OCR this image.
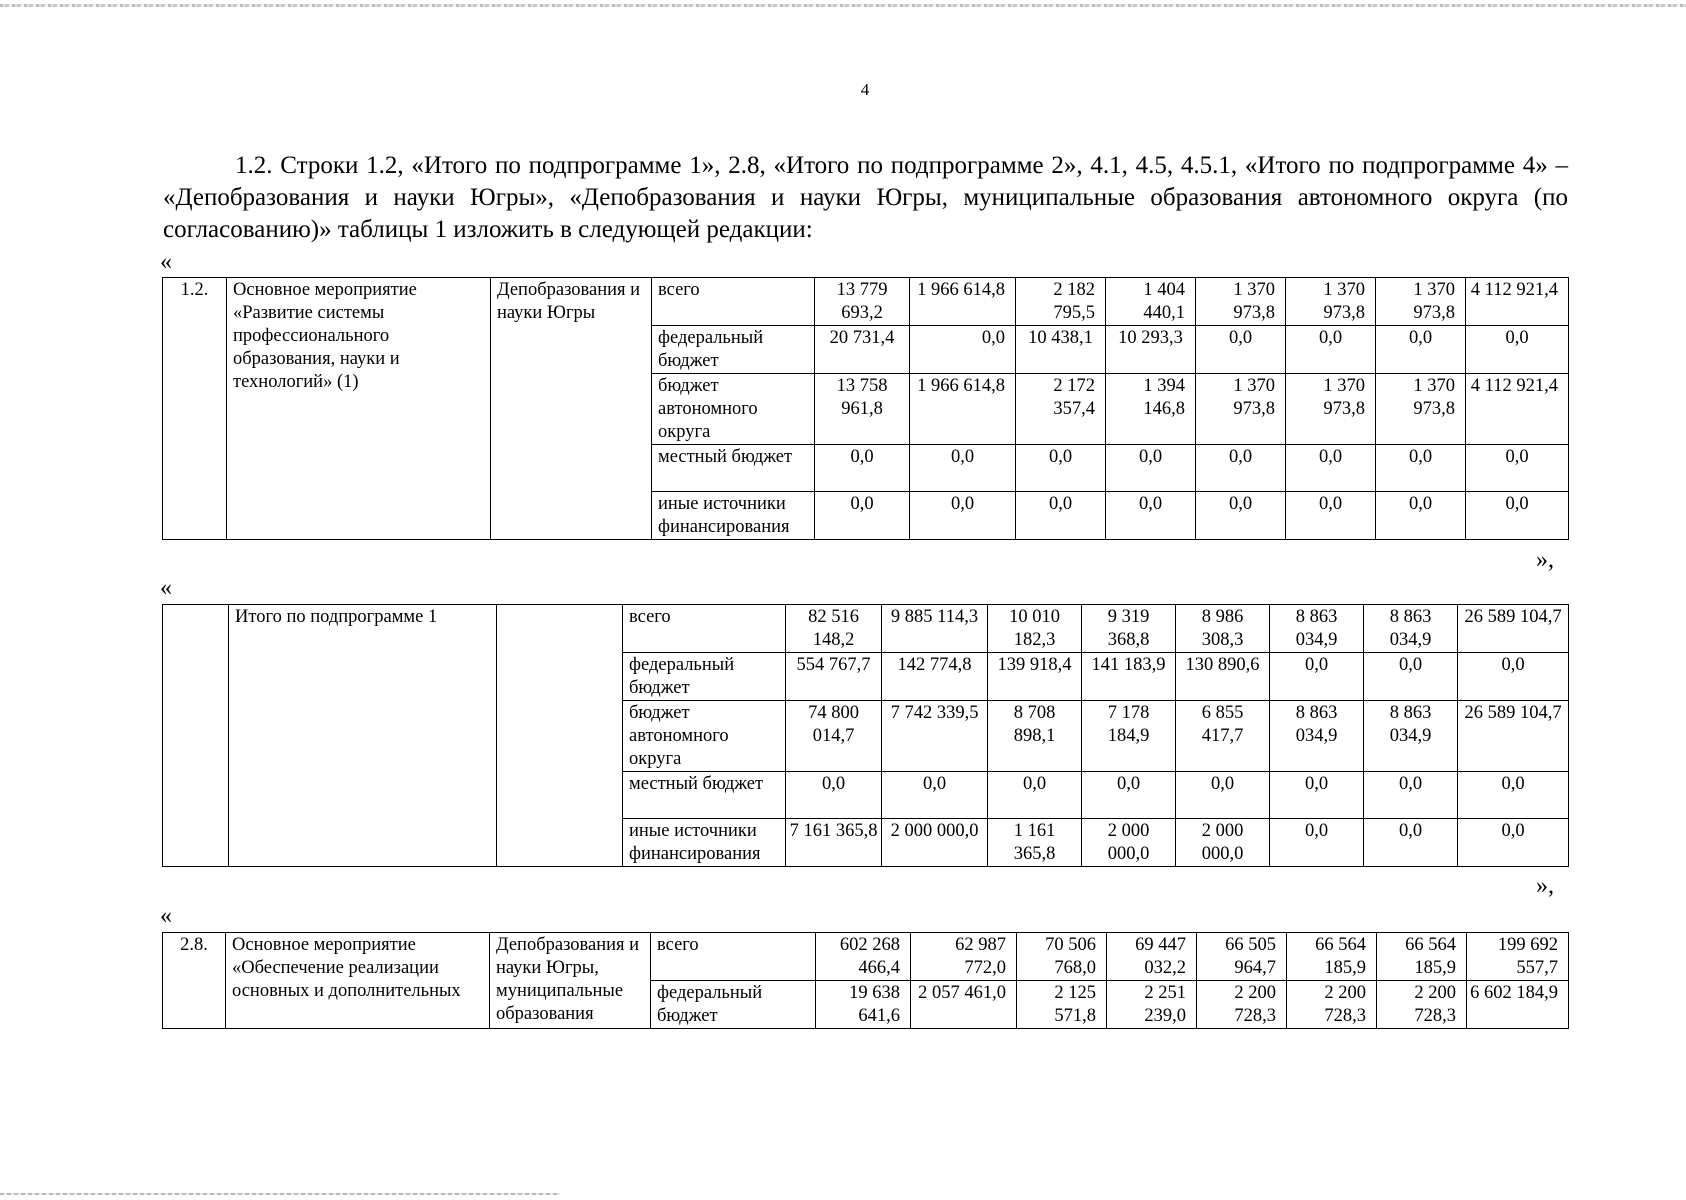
4

1.2. Строки 1.2, «Итого по подпрограмме 1», 2.8, «Итого по подпрограмме 2», 4.1, 4.5, 4.5.1, «Итого по подпрограмме 4» – «Депобразования и науки Югры», «Депобразования и науки Югры, муниципальные образования автономного округа (по согласованию)» таблицы 1 изложить в следующей редакции:

«
1.2.	Основное мероприятие «Развитие системы профессионального образования, науки и технологий» (1)	Депобразования и науки Югры	всего	13 779 693,2	1 966 614,8	2 182 795,5	1 404 440,1	1 370 973,8	1 370 973,8	1 370 973,8	4 112 921,4
			федеральный бюджет	20 731,4	0,0	10 438,1	10 293,3	0,0	0,0	0,0	0,0
			бюджет автономного округа	13 758 961,8	1 966 614,8	2 172 357,4	1 394 146,8	1 370 973,8	1 370 973,8	1 370 973,8	4 112 921,4
			местный бюджет	0,0	0,0	0,0	0,0	0,0	0,0	0,0	0,0
			иные источники финансирования	0,0	0,0	0,0	0,0	0,0	0,0	0,0	0,0
»,
«
	Итого по подпрограмме 1		всего	82 516 148,2	9 885 114,3	10 010 182,3	9 319 368,8	8 986 308,3	8 863 034,9	8 863 034,9	26 589 104,7
			федеральный бюджет	554 767,7	142 774,8	139 918,4	141 183,9	130 890,6	0,0	0,0	0,0
			бюджет автономного округа	74 800 014,7	7 742 339,5	8 708 898,1	7 178 184,9	6 855 417,7	8 863 034,9	8 863 034,9	26 589 104,7
			местный бюджет	0,0	0,0	0,0	0,0	0,0	0,0	0,0	0,0
			иные источники финансирования	7 161 365,8	2 000 000,0	1 161 365,8	2 000 000,0	2 000 000,0	0,0	0,0	0,0
»,
«
2.8.	Основное мероприятие «Обеспечение реализации основных и дополнительных	Депобразования и науки Югры, муниципальные образования	всего	602 268 466,4	62 987 772,0	70 506 768,0	69 447 032,2	66 505 964,7	66 564 185,9	66 564 185,9	199 692 557,7
			федеральный бюджет	19 638 641,6	2 057 461,0	2 125 571,8	2 251 239,0	2 200 728,3	2 200 728,3	2 200 728,3	6 602 184,9
